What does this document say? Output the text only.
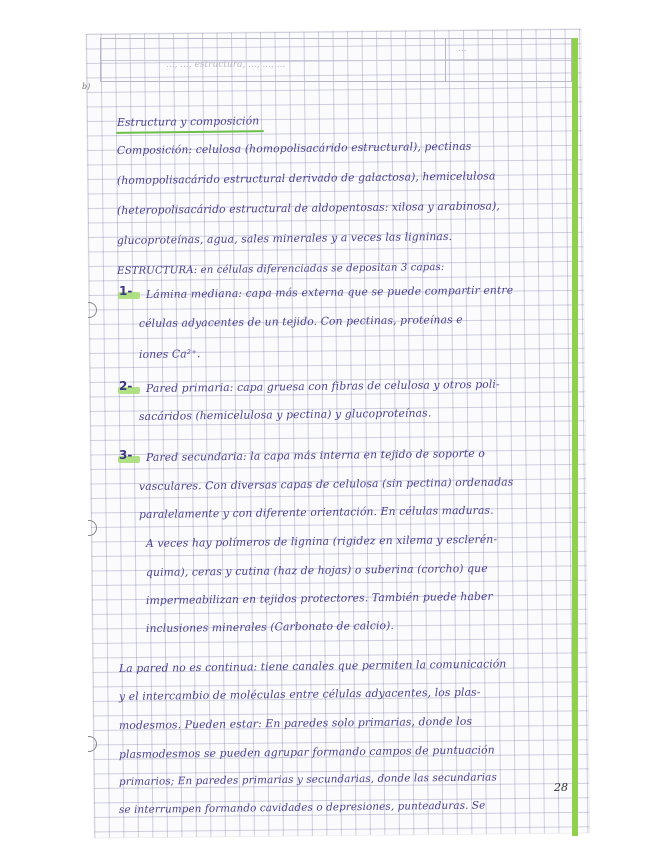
..., ..., estructura, ..., ..., ...
...
b)
Estructura y composición
Composición: celulosa (homopolisacárido estructural), pectinas
(homopolisacárido estructural derivado de galactosa), hemicelulosa
(heteropolisacárido estructural de aldopentosas: xilosa y arabinosa),
glucoproteínas, agua, sales minerales y a veces las ligninas.
ESTRUCTURA: en células diferenciadas se depositan 3 capas:
1- Lámina mediana: capa más externa que se puede compartir entre
células adyacentes de un tejido. Con pectinas, proteínas e
iones Ca²⁺.
2- Pared primaria: capa gruesa con fibras de celulosa y otros poli-
sacáridos (hemicelulosa y pectina) y glucoproteínas.
3- Pared secundaria: la capa más interna en tejido de soporte o
vasculares. Con diversas capas de celulosa (sin pectina) ordenadas
paralelamente y con diferente orientación. En células maduras.
A veces hay polímeros de lignina (rigidez en xilema y esclerén-
quima), ceras y cutina (haz de hojas) o suberina (corcho) que
impermeabilizan en tejidos protectores. También puede haber
inclusiones minerales (Carbonato de calcio).
La pared no es continua: tiene canales que permiten la comunicación
y el intercambio de moléculas entre células adyacentes, los plas-
modesmos. Pueden estar: En paredes solo primarias, donde los
plasmodesmos se pueden agrupar formando campos de puntuación
primarios; En paredes primarias y secundarias, donde las secundarias
se interrumpen formando cavidades o depresiones, punteaduras. Se
28
